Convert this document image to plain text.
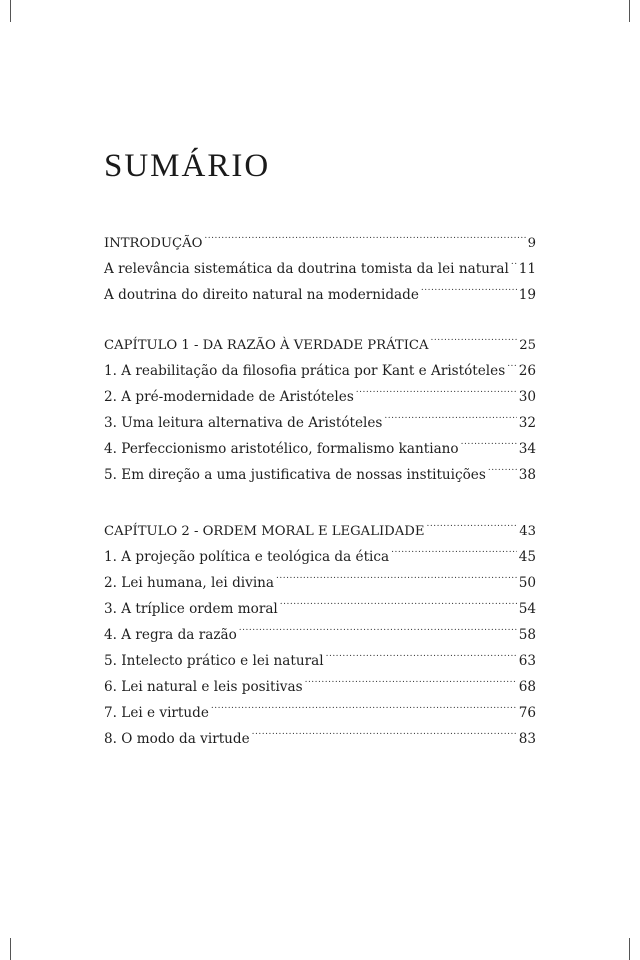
SUMÁRIO
INTRODUÇÃO .....	9
A relevância sistemática da doutrina tomista da lei natural ..... 11
A doutrina do direito natural na modernidade .....	19
CAPÍTULO 1 - DA RAZÃO À VERDADE PRÁTICA .....	25
1. A reabilitação da filosofia prática por Kant e Aristóteles ..... 26
2. A pré-modernidade de Aristóteles .....	30
3. Uma leitura alternativa de Aristóteles .....	32
4. Perfeccionismo aristotélico, formalismo kantiano .....	34
5. Em direção a uma justificativa de nossas instituições ..... 38
CAPÍTULO 2 - ORDEM MORAL E LEGALIDADE .....	43
1. A projeção política e teológica da ética .....	45
2. Lei humana, lei divina .....	50
3. A tríplice ordem moral .....	54
4. A regra da razão .....	58
5. Intelecto prático e lei natural .....	63
6. Lei natural e leis positivas .....	68
7. Lei e virtude .....	76
8. O modo da virtude .....	83
